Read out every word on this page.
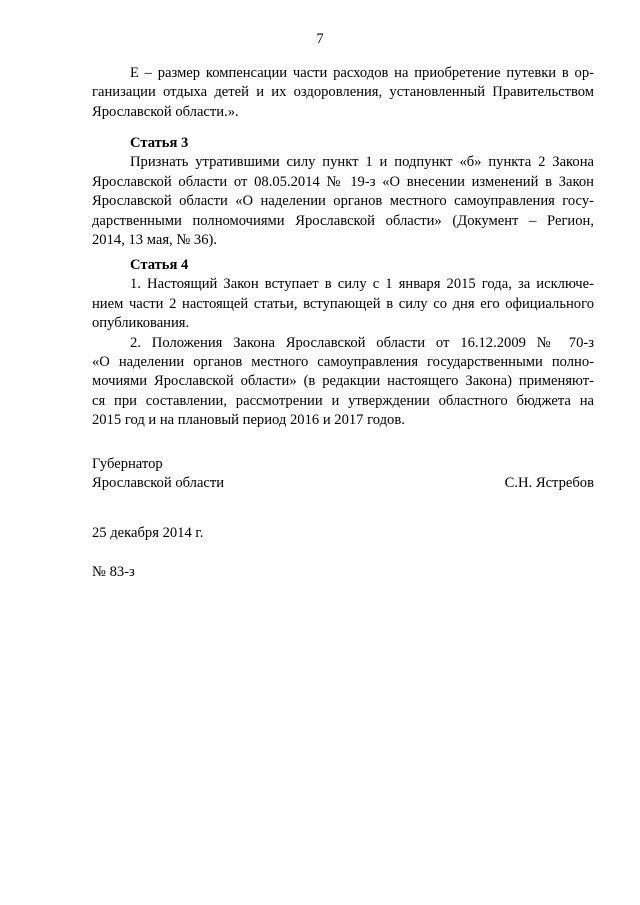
7
Е – размер компенсации части расходов на приобретение путевки в ор-
ганизации отдыха детей и их оздоровления, установленный Правительством
Ярославской области.».
Статья 3
Признать утратившими силу пункт 1 и подпункт «б» пункта 2 Закона
Ярославской области от 08.05.2014 № 19-з «О внесении изменений в Закон
Ярославской области «О наделении органов местного самоуправления госу-
дарственными полномочиями Ярославской области» (Документ – Регион,
2014, 13 мая, № 36).
Статья 4
1. Настоящий Закон вступает в силу с 1 января 2015 года, за исключе-
нием части 2 настоящей статьи, вступающей в силу со дня его официального
опубликования.
2. Положения Закона Ярославской области от 16.12.2009 № 70-з
«О наделении органов местного самоуправления государственными полно-
мочиями Ярославской области» (в редакции настоящего Закона) применяют-
ся при составлении, рассмотрении и утверждении областного бюджета на
2015 год и на плановый период 2016 и 2017 годов.
Губернатор
Ярославской области	С.Н. Ястребов
25 декабря 2014 г.
№ 83-з
